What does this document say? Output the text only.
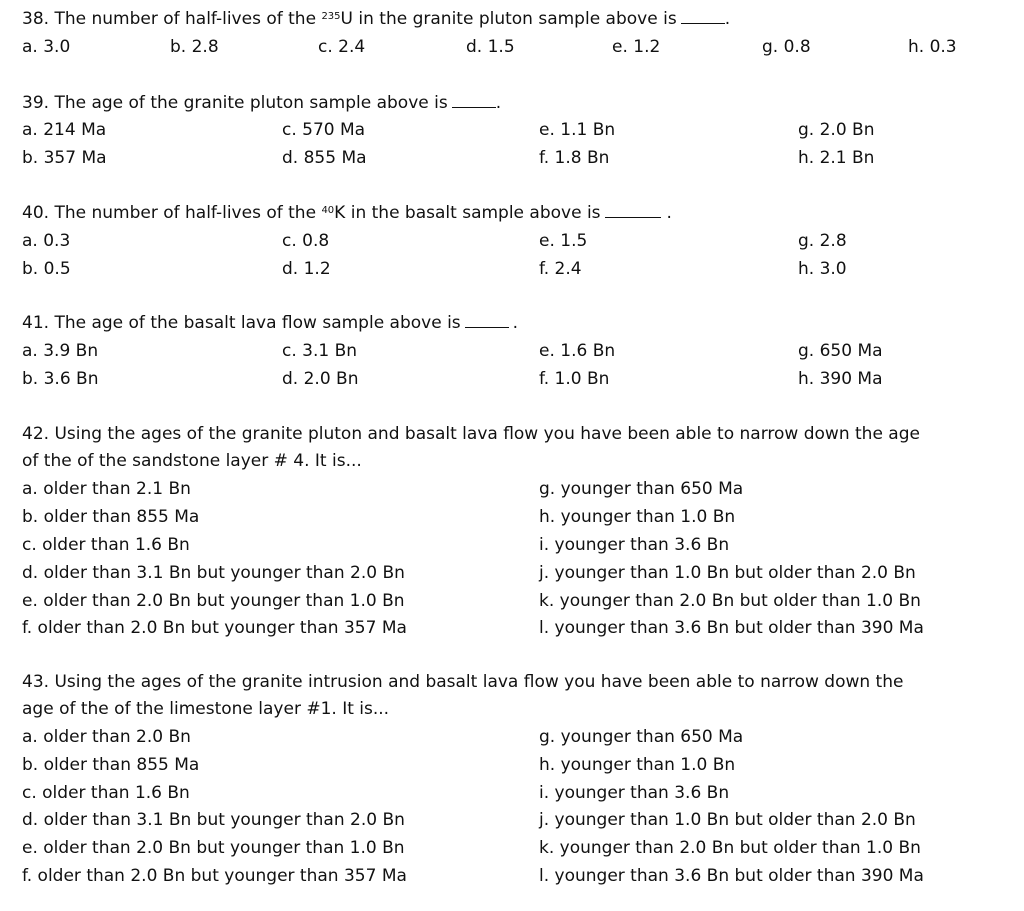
38. The number of half-lives of the $^{235}$U in the granite pluton sample above is	.
a. 3.0	b. 2.8	c. 2.4	d. 1.5	e. 1.2	g. 0.8	h. 0.3
39. The age of the granite pluton sample above is	.
a. 214 Ma
b. 357 Ma
c. 570 Ma
d. 855 Ma
e. 1.1 Bn
f. 1.8 Bn
g. 2.0 Bn
h. 2.1 Bn
40. The number of half-lives of the $^{40}$K in the basalt sample above is	.
a. 0.3
b. 0.5
c. 0.8
d. 1.2
e. 1.5
f. 2.4
g. 2.8
h. 3.0
41. The age of the basalt lava flow sample above is	.
a. 3.9 Bn
b. 3.6 Bn
c. 3.1 Bn
d. 2.0 Bn
e. 1.6 Bn
f. 1.0 Bn
g. 650 Ma
h. 390 Ma
42. Using the ages of the granite pluton and basalt lava flow you have been able to narrow down the age
of the of the sandstone layer # 4. It is...
a. older than 2.1 Bn
b. older than 855 Ma
c. older than 1.6 Bn
d. older than 3.1 Bn but younger than 2.0 Bn
e. older than 2.0 Bn but younger than 1.0 Bn
f. older than 2.0 Bn but younger than 357 Ma
g. younger than 650 Ma
h. younger than 1.0 Bn
i. younger than 3.6 Bn
j. younger than 1.0 Bn but older than 2.0 Bn
k. younger than 2.0 Bn but older than 1.0 Bn
l. younger than 3.6 Bn but older than 390 Ma
43. Using the ages of the granite intrusion and basalt lava flow you have been able to narrow down the
age of the of the limestone layer #1. It is...
a. older than 2.0 Bn
b. older than 855 Ma
c. older than 1.6 Bn
d. older than 3.1 Bn but younger than 2.0 Bn
e. older than 2.0 Bn but younger than 1.0 Bn
f. older than 2.0 Bn but younger than 357 Ma
g. younger than 650 Ma
h. younger than 1.0 Bn
i. younger than 3.6 Bn
j. younger than 1.0 Bn but older than 2.0 Bn
k. younger than 2.0 Bn but older than 1.0 Bn
l. younger than 3.6 Bn but older than 390 Ma
